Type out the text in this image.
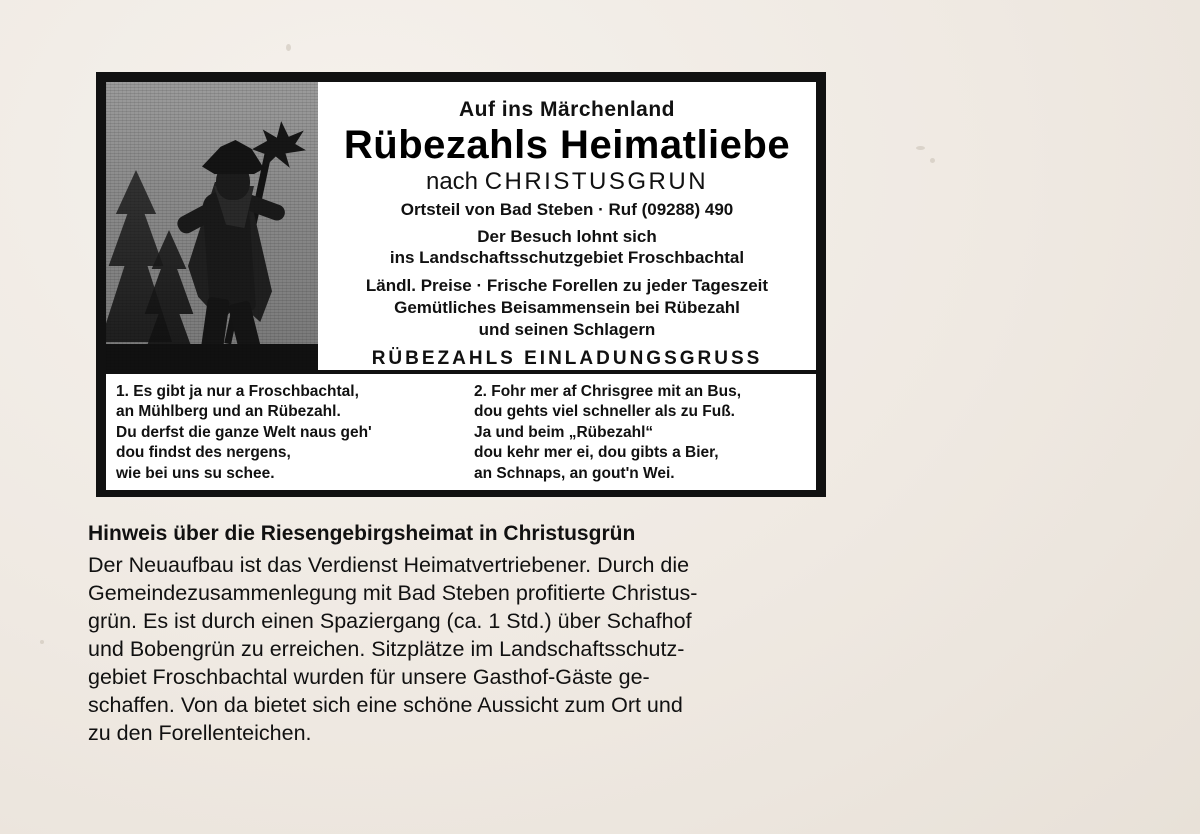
Auf ins Märchenland
Rübezahls Heimatliebe
nach CHRISTUSGRUN
Ortsteil von Bad Steben · Ruf (09288) 490
Der Besuch lohnt sich
ins Landschaftsschutzgebiet Froschbachtal
Ländl. Preise · Frische Forellen zu jeder Tageszeit
Gemütliches Beisammensein bei Rübezahl
und seinen Schlagern
RÜBEZAHLS EINLADUNGSGRUSS
1. Es gibt ja nur a Froschbachtal,
an Mühlberg und an Rübezahl.
Du derfst die ganze Welt naus geh'
dou findst des nergens,
wie bei uns su schee.
2. Fohr mer af Chrisgree mit an Bus,
dou gehts viel schneller als zu Fuß.
Ja und beim „Rübezahl“
dou kehr mer ei, dou gibts a Bier,
an Schnaps, an gout'n Wei.
Hinweis über die Riesengebirgsheimat in Christusgrün

Der Neuaufbau ist das Verdienst Heimatvertriebener. Durch die
Gemeindezusammenlegung mit Bad Steben profitierte Christus-
grün. Es ist durch einen Spaziergang (ca. 1 Std.) über Schafhof
und Bobengrün zu erreichen. Sitzplätze im Landschaftsschutz-
gebiet Froschbachtal wurden für unsere Gasthof-Gäste ge-
schaffen. Von da bietet sich eine schöne Aussicht zum Ort und
zu den Forellenteichen.
